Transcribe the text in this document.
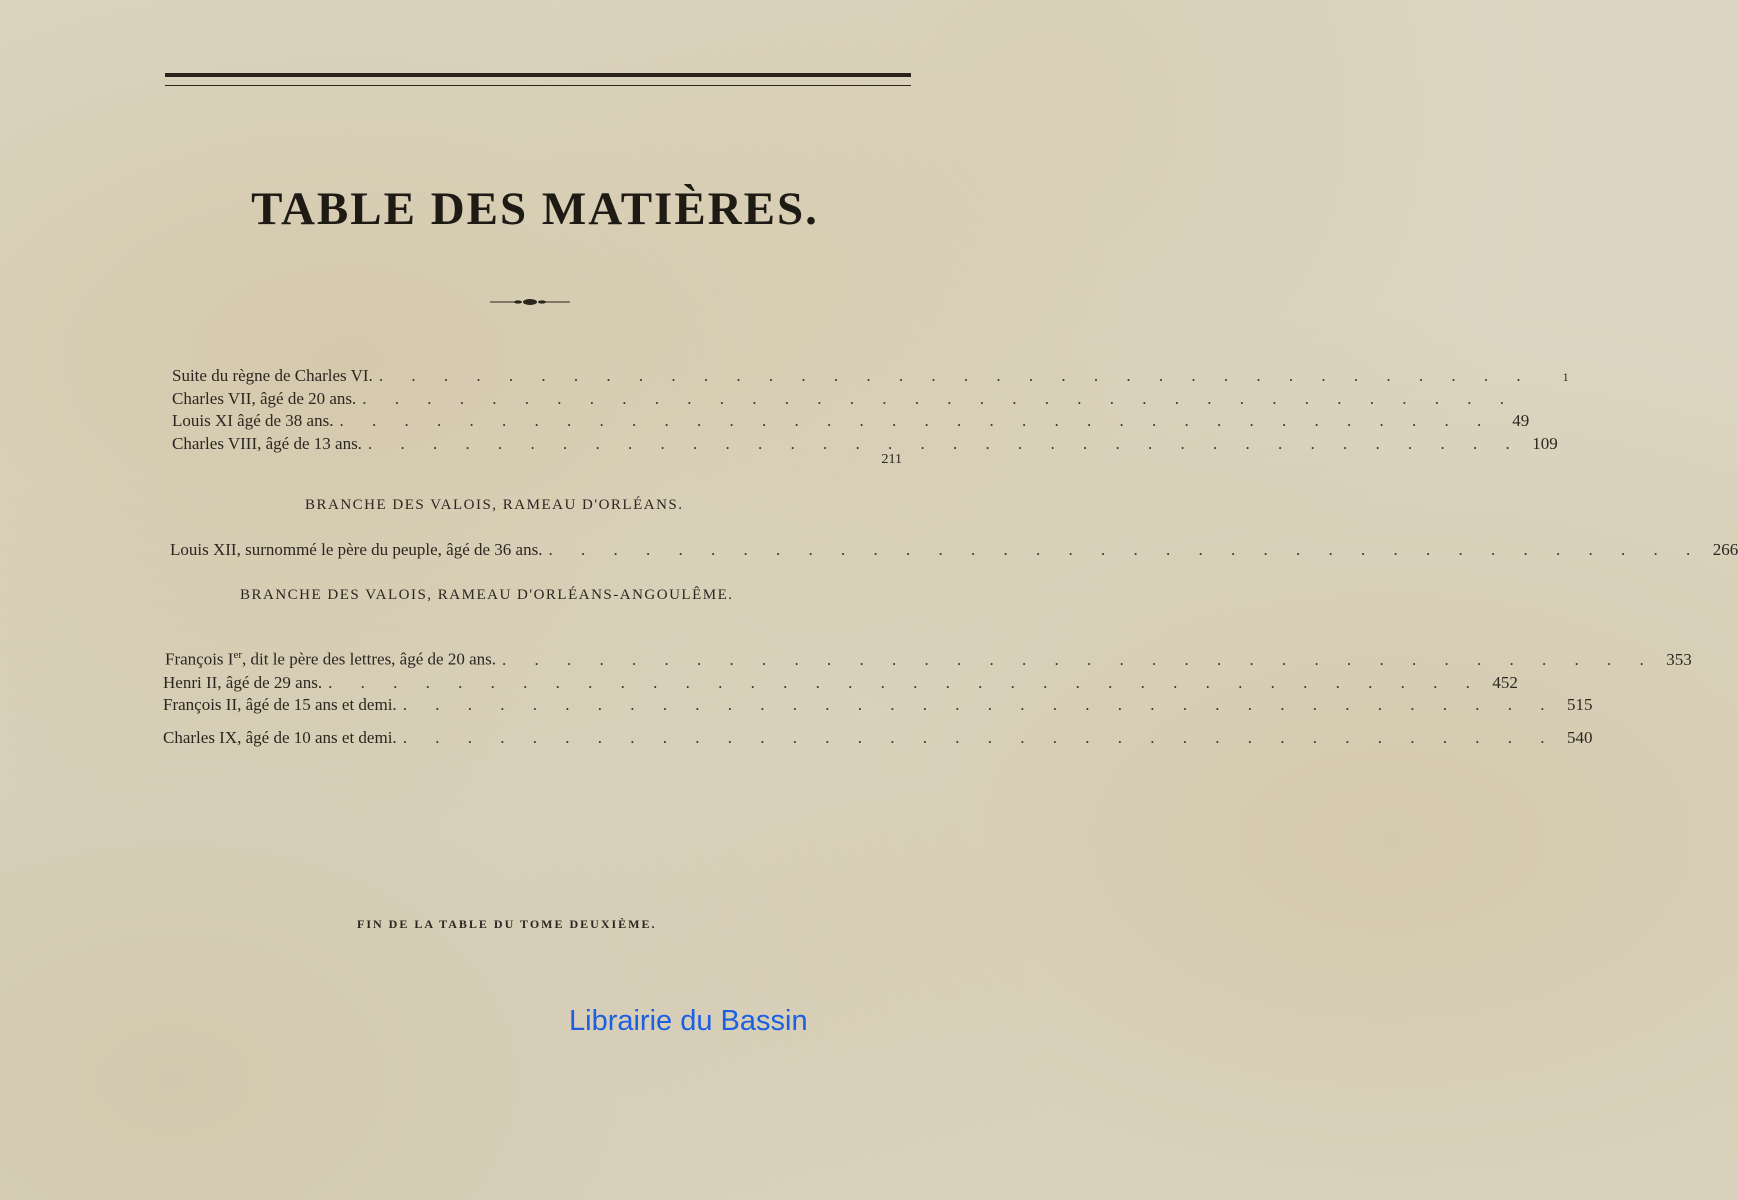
TABLE DES MATIÈRES.
Suite du règne de Charles VI. . . . . . . . . . . . . . . . . . . . . . . . . . . . . . . . . . . . .	1
Charles VII, âgé de 20 ans. . . . . . . . . . . . . . . . . . . . . . . . . . . . . . . . . . . . .
Louis XI âgé de 38 ans. . . . . . . . . . . . . . . . . . . . . . . . . . . . . . . . . . . . .	49
Charles VIII, âgé de 13 ans. . . . . . . . . . . . . . . . . . . . . . . . . . . . . . . . . . . . . 109
211
BRANCHE DES VALOIS, RAMEAU D'ORLÉANS.
Louis XII, surnommé le père du peuple, âgé de 36 ans. . . . . . . . . . . . . . . . . . . . . . . . . . . . . . . . . . . . . 266
BRANCHE DES VALOIS, RAMEAU D'ORLÉANS-ANGOULÊME.
François Ier, dit le père des lettres, âgé de 20 ans. . . . . . . . . . . . . . . . . . . . . . . . . . . . . . . . . . . . . 353
Henri II, âgé de 29 ans. . . . . . . . . . . . . . . . . . . . . . . . . . . . . . . . . . . . . 452
François II, âgé de 15 ans et demi. . . . . . . . . . . . . . . . . . . . . . . . . . . . . . . . . . . . . 515
Charles IX, âgé de 10 ans et demi. . . . . . . . . . . . . . . . . . . . . . . . . . . . . . . . . . . . . 540
FIN DE LA TABLE DU TOME DEUXIÈME.
Librairie du Bassin
